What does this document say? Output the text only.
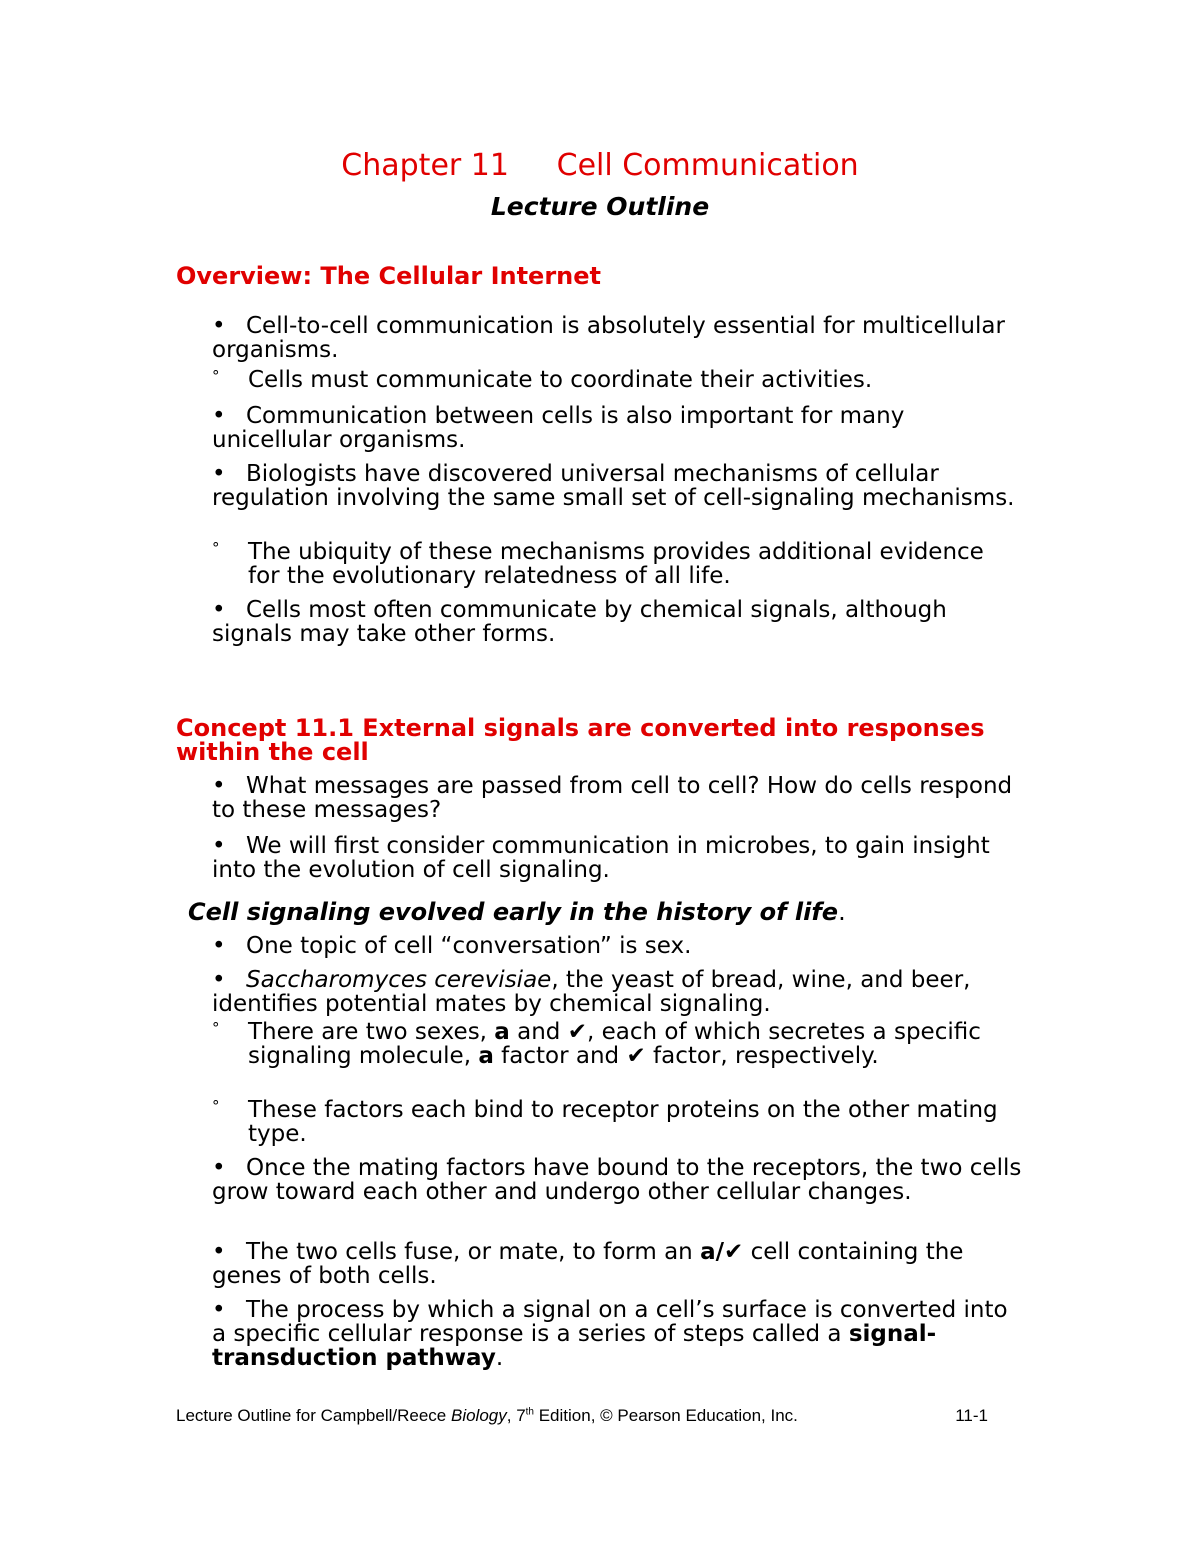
Chapter 11     Cell Communication
Lecture Outline
Overview: The Cellular Internet
• Cell-to-cell communication is absolutely essential for multicellular organisms.
°	Cells must communicate to coordinate their activities.
• Communication between cells is also important for many unicellular organisms.
• Biologists have discovered universal mechanisms of cellular regulation involving the same small set of cell-signaling mechanisms.
°	The ubiquity of these mechanisms provides additional evidence for the evolutionary relatedness of all life.
• Cells most often communicate by chemical signals, although signals may take other forms.
Concept 11.1 External signals are converted into responses within the cell
• What messages are passed from cell to cell? How do cells respond to these messages?
• We will first consider communication in microbes, to gain insight into the evolution of cell signaling.
Cell signaling evolved early in the history of life.
• One topic of cell “conversation” is sex.
• Saccharomyces cerevisiae, the yeast of bread, wine, and beer, identifies potential mates by chemical signaling.
°	There are two sexes, a and ✔, each of which secretes a specific signaling molecule, a factor and ✔ factor, respectively.
°	These factors each bind to receptor proteins on the other mating type.
• Once the mating factors have bound to the receptors, the two cells grow toward each other and undergo other cellular changes.
• The two cells fuse, or mate, to form an a/✔ cell containing the genes of both cells.
• The process by which a signal on a cell’s surface is converted into a specific cellular response is a series of steps called a signal-transduction pathway.
Lecture Outline for Campbell/Reece Biology, 7th Edition, © Pearson Education, Inc.	11-1
